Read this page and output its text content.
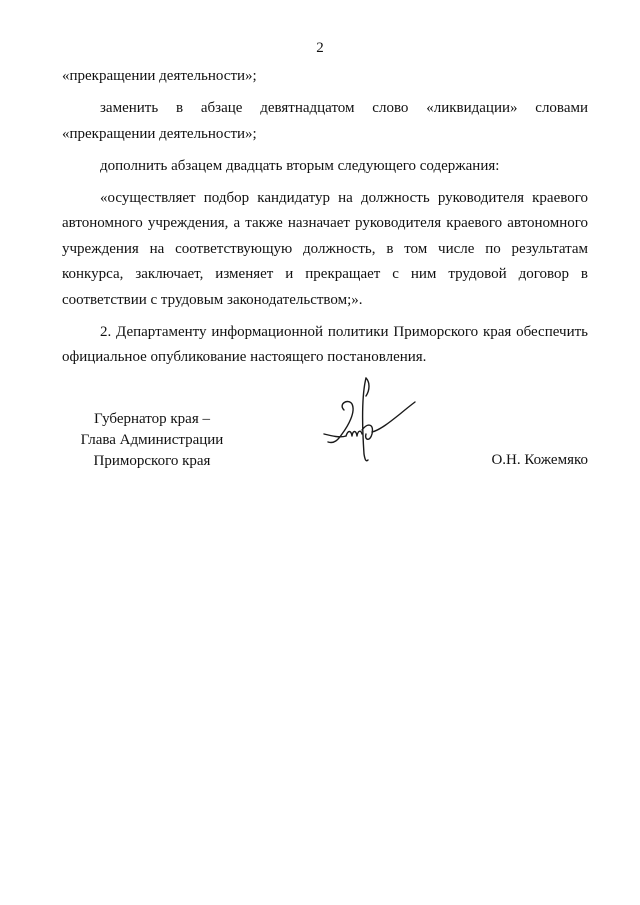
2

«прекращении деятельности»;

заменить в абзаце девятнадцатом слово «ликвидации» словами «прекращении деятельности»;

дополнить абзацем двадцать вторым следующего содержания:

«осуществляет подбор кандидатур на должность руководителя краевого автономного учреждения, а также назначает руководителя краевого автономного учреждения на соответствующую должность, в том числе по результатам конкурса, заключает, изменяет и прекращает с ним трудовой договор в соответствии с трудовым законодательством;».

2. Департаменту информационной политики Приморского края обеспечить официальное опубликование настоящего постановления.

Губернатор края –
Глава Администрации
Приморского края	О.Н. Кожемяко
